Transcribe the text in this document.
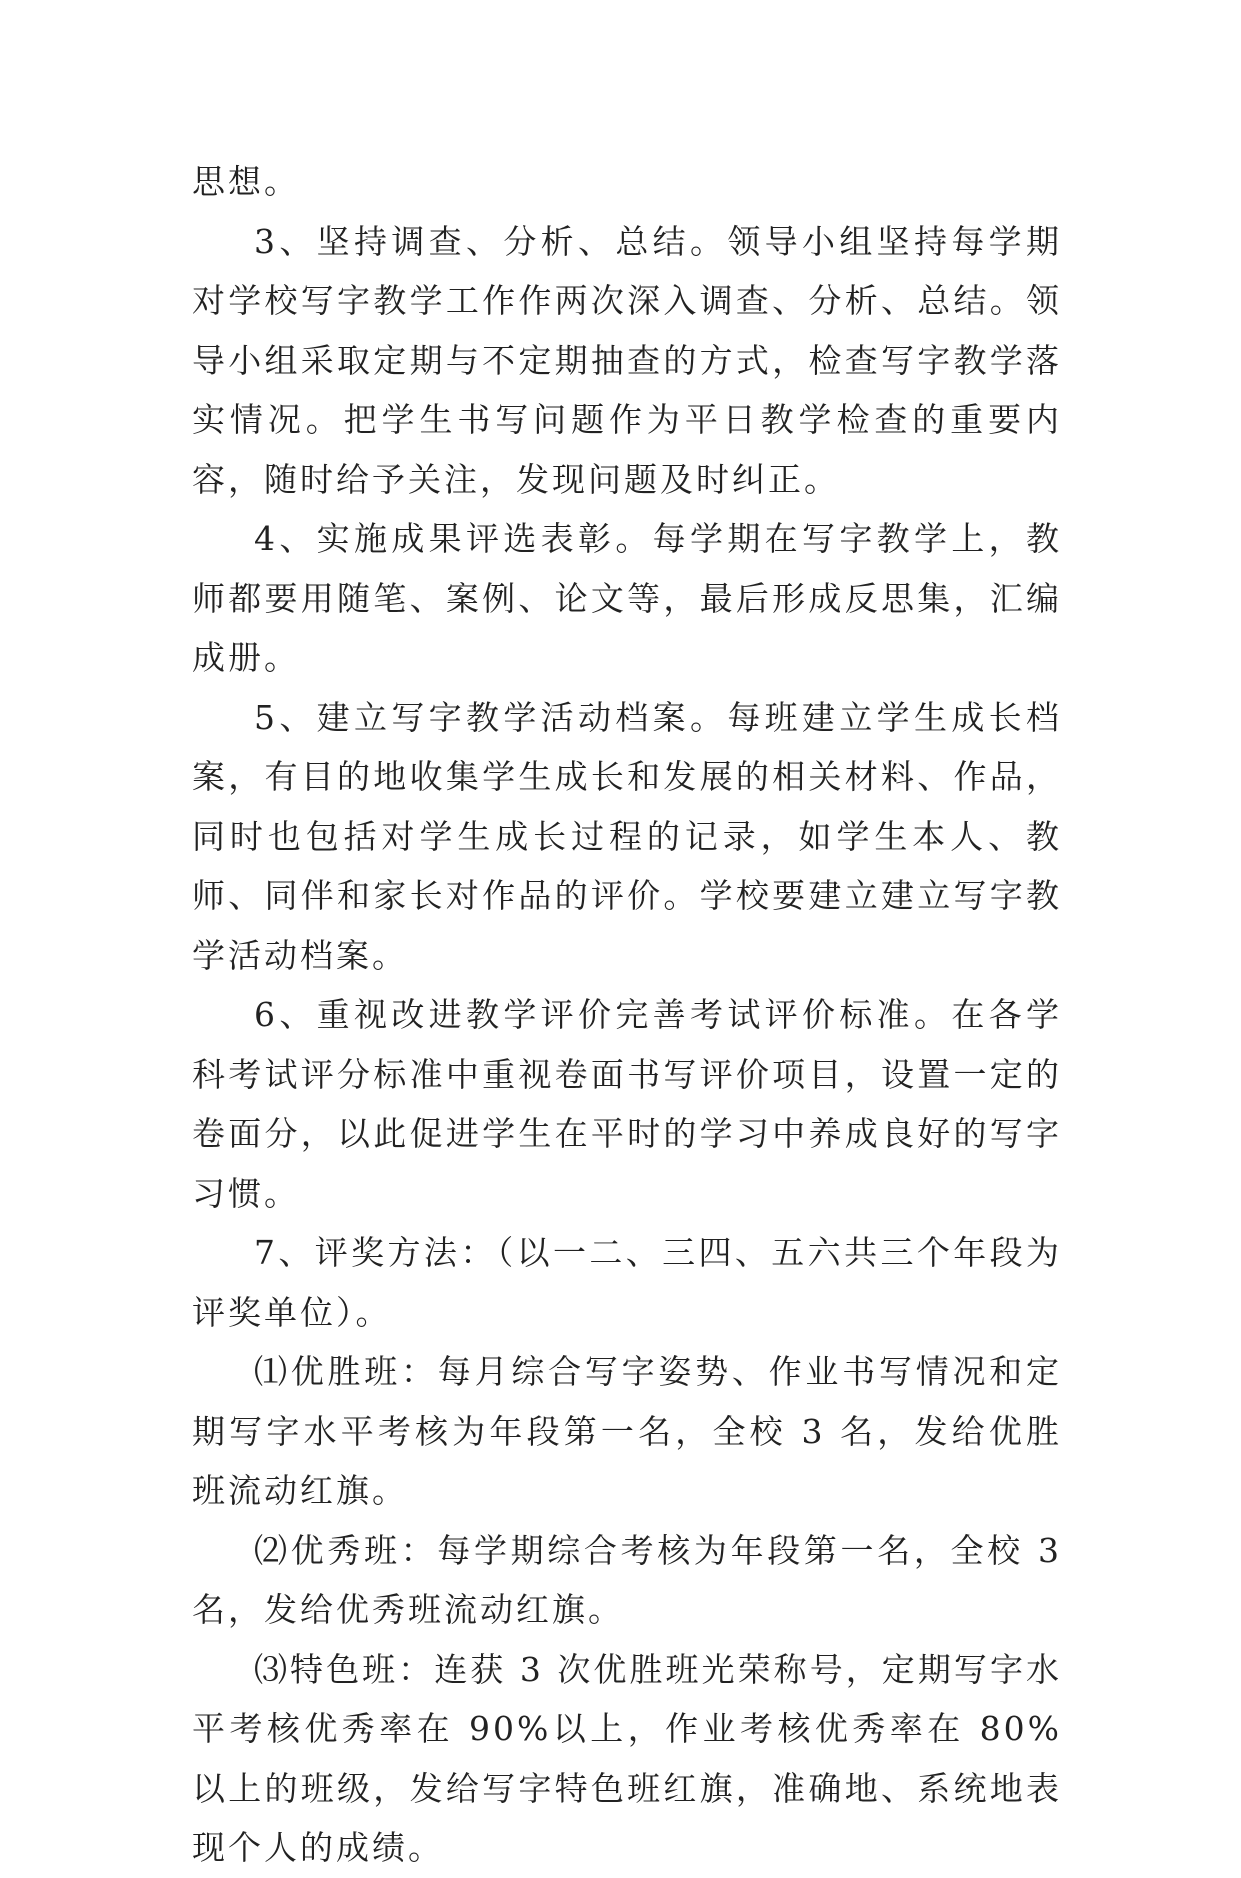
思想。

3、坚持调查、分析、总结。领导小组坚持每学期对学校写字教学工作作两次深入调查、分析、总结。领导小组采取定期与不定期抽查的方式，检查写字教学落实情况。把学生书写问题作为平日教学检查的重要内容，随时给予关注，发现问题及时纠正。

4、实施成果评选表彰。每学期在写字教学上，教师都要用随笔、案例、论文等，最后形成反思集，汇编成册。

5、建立写字教学活动档案。每班建立学生成长档案，有目的地收集学生成长和发展的相关材料、作品，同时也包括对学生成长过程的记录，如学生本人、教师、同伴和家长对作品的评价。学校要建立建立写字教学活动档案。

6、重视改进教学评价完善考试评价标准。在各学科考试评分标准中重视卷面书写评价项目，设置一定的卷面分，以此促进学生在平时的学习中养成良好的写字习惯。

7、评奖方法：（以一二、三四、五六共三个年段为评奖单位）。

⑴优胜班：每月综合写字姿势、作业书写情况和定期写字水平考核为年段第一名，全校 3 名，发给优胜班流动红旗。

⑵优秀班：每学期综合考核为年段第一名，全校 3 名，发给优秀班流动红旗。

⑶特色班：连获 3 次优胜班光荣称号，定期写字水平考核优秀率在 90%以上，作业考核优秀率在 80%以上的班级，发给写字特色班红旗，准确地、系统地表现个人的成绩。
